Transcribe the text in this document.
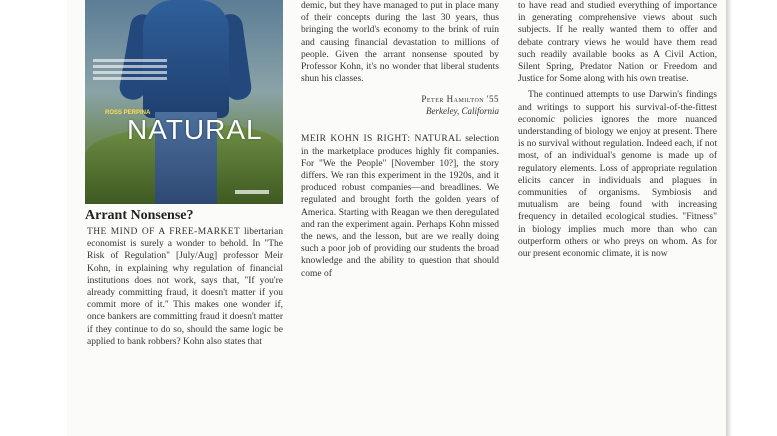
ROSS PERPINA
NATURAL
Arrant Nonsense?

THE MIND OF A FREE-MARKET libertarian economist is surely a wonder to behold. In "The Risk of Regulation" [July/Aug] professor Meir Kohn, in explaining why regulation of financial institutions does not work, says that, "If you're already committing fraud, it doesn't matter if you commit more of it." This makes one wonder if, once bankers are committing fraud it doesn't matter if they continue to do so, should the same logic be applied to bank robbers? Kohn also states that

demic, but they have managed to put in place many of their concepts during the last 30 years, thus bringing the world's economy to the brink of ruin and causing financial devastation to millions of people. Given the arrant nonsense spouted by Professor Kohn, it's no wonder that liberal students shun his classes.

Peter Hamilton '55
Berkeley, California

MEIR KOHN IS RIGHT: NATURAL selection in the marketplace produces highly fit companies. For "We the People" [November 10?], the story differs. We ran this experiment in the 1920s, and it produced robust companies—and breadlines. We regulated and brought forth the golden years of America. Starting with Reagan we then deregulated and ran the experiment again. Perhaps Kohn missed the news, and the lesson, but are we really doing such a poor job of providing our students the broad knowledge and the ability to question that should come of

to have read and studied everything of importance in generating comprehensive views about such subjects. If he really wanted them to offer and debate contrary views he would have them read such readily available books as A Civil Action, Silent Spring, Predator Nation or Freedom and Justice for Some along with his own treatise.

The continued attempts to use Darwin's findings and writings to support his survival-of-the-fittest economic policies ignores the more nuanced understanding of biology we enjoy at present. There is no survival without regulation. Indeed each, if not most, of an individual's genome is made up of regulatory elements. Loss of appropriate regulation elicits cancer in individuals and plagues in communities of organisms. Symbiosis and mutualism are being found with increasing frequency in detailed ecological studies. "Fitness" in biology implies much more than who can outperform others or who preys on whom. As for our present economic climate, it is now
